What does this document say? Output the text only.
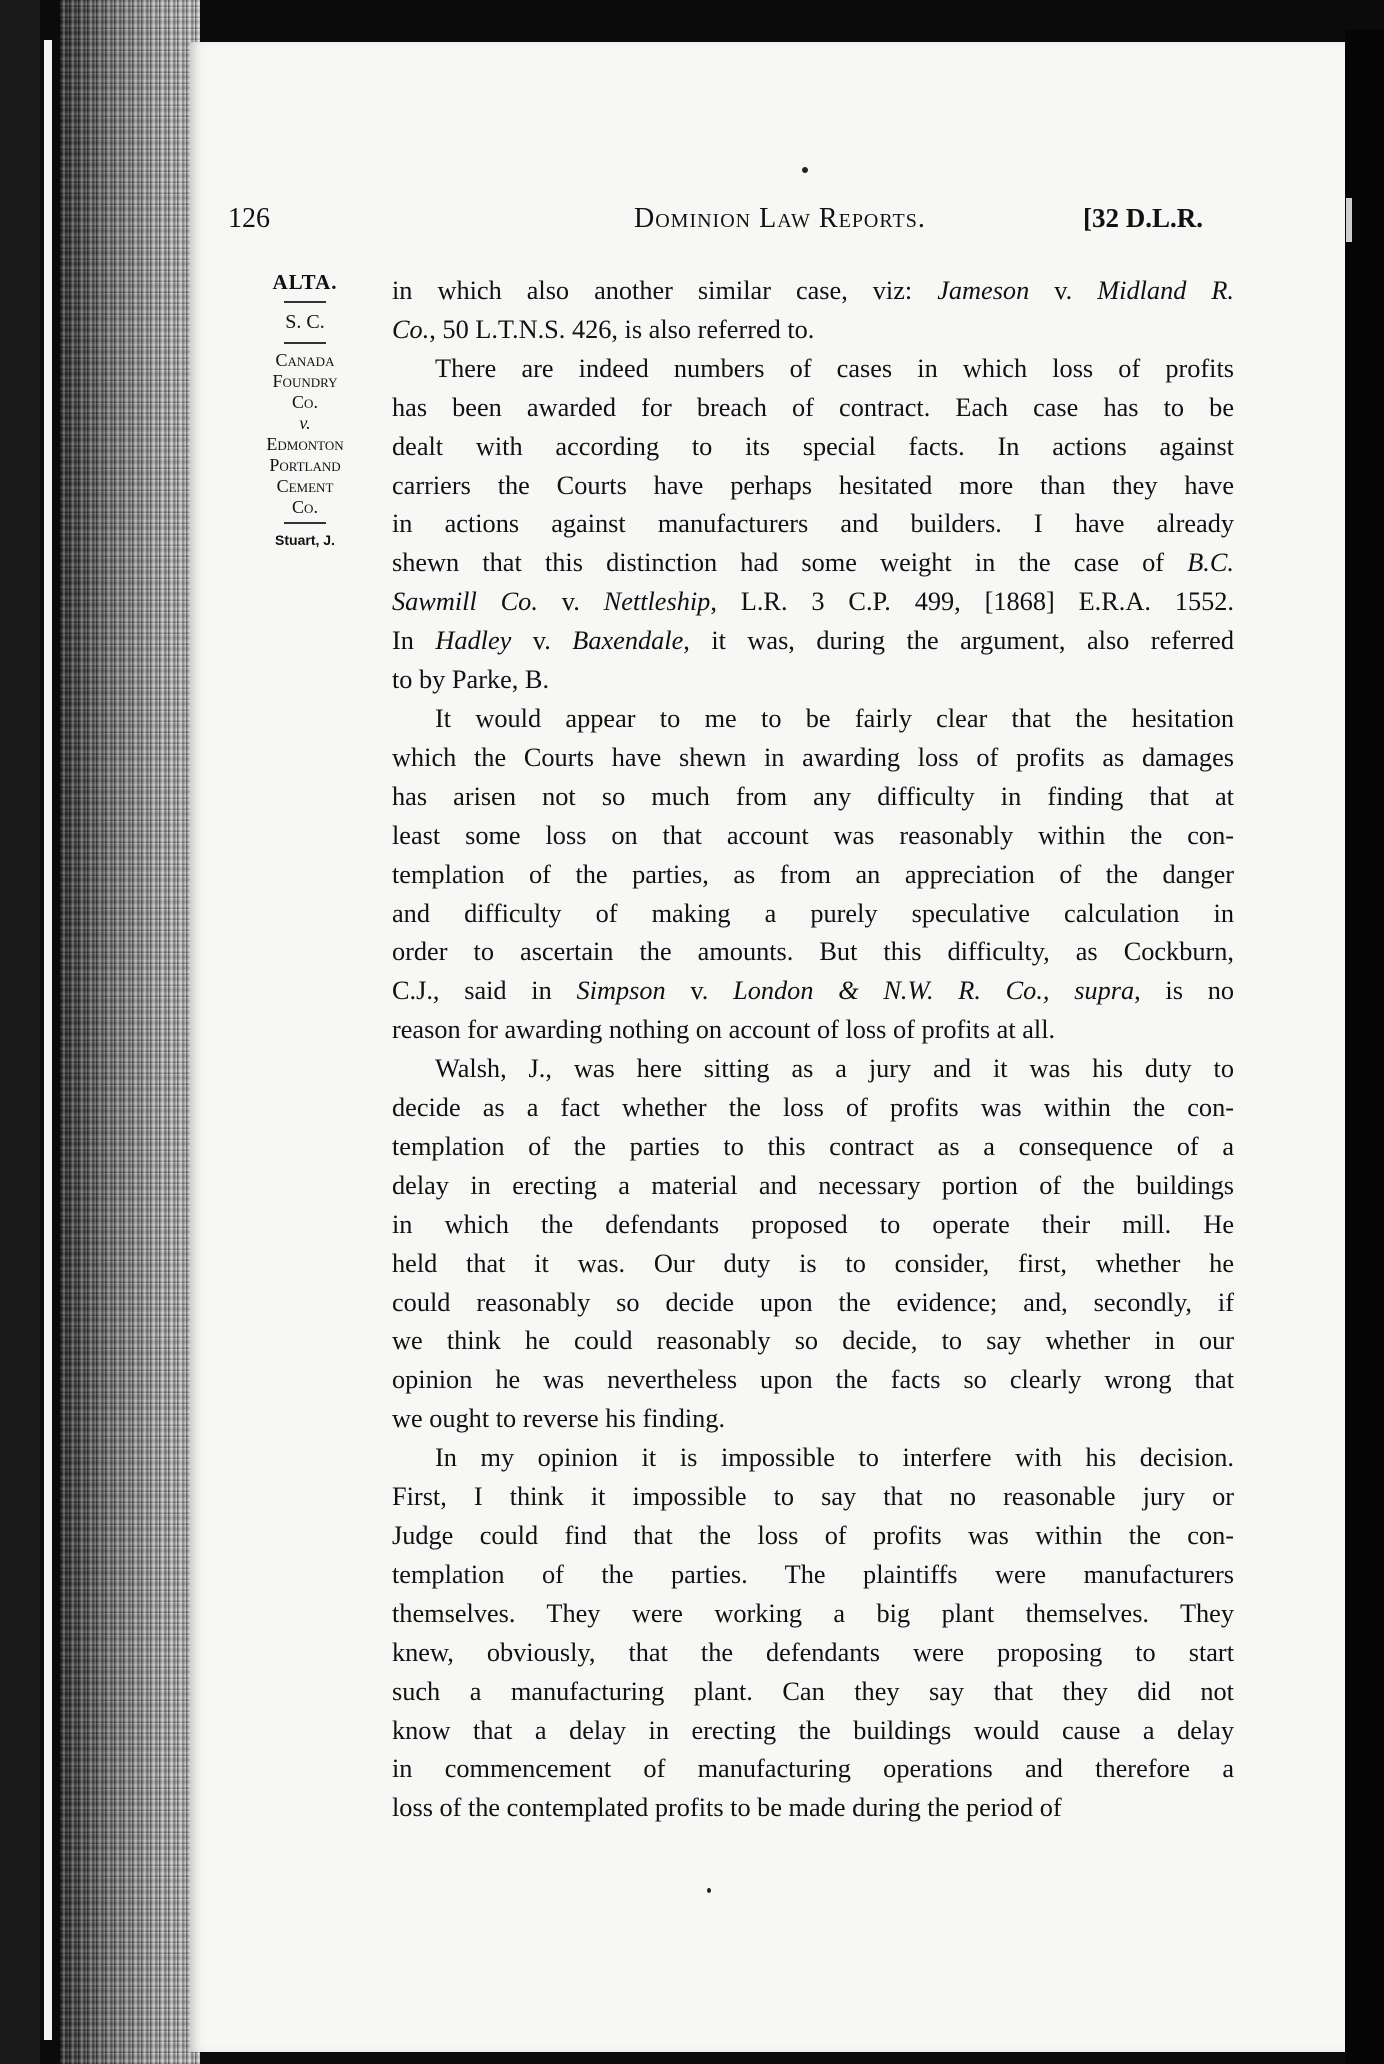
126	Dominion Law Reports.	[32 D.L.R.
ALTA.
S. C.
Canada
Foundry
Co.
v.
Edmonton
Portland
Cement
Co.
Stuart, J.
in which also another similar case, viz: Jameson v. Midland R.
Co., 50 L.T.N.S. 426, is also referred to.
There are indeed numbers of cases in which loss of profits
has been awarded for breach of contract. Each case has to be
dealt with according to its special facts. In actions against
carriers the Courts have perhaps hesitated more than they have
in actions against manufacturers and builders. I have already
shewn that this distinction had some weight in the case of B.C.
Sawmill Co. v. Nettleship, L.R. 3 C.P. 499, [1868] E.R.A. 1552.
In Hadley v. Baxendale, it was, during the argument, also referred
to by Parke, B.
It would appear to me to be fairly clear that the hesitation
which the Courts have shewn in awarding loss of profits as damages
has arisen not so much from any difficulty in finding that at
least some loss on that account was reasonably within the con-
templation of the parties, as from an appreciation of the danger
and difficulty of making a purely speculative calculation in
order to ascertain the amounts. But this difficulty, as Cockburn,
C.J., said in Simpson v. London & N.W. R. Co., supra, is no
reason for awarding nothing on account of loss of profits at all.
Walsh, J., was here sitting as a jury and it was his duty to
decide as a fact whether the loss of profits was within the con-
templation of the parties to this contract as a consequence of a
delay in erecting a material and necessary portion of the buildings
in which the defendants proposed to operate their mill. He
held that it was. Our duty is to consider, first, whether he
could reasonably so decide upon the evidence; and, secondly, if
we think he could reasonably so decide, to say whether in our
opinion he was nevertheless upon the facts so clearly wrong that
we ought to reverse his finding.
In my opinion it is impossible to interfere with his decision.
First, I think it impossible to say that no reasonable jury or
Judge could find that the loss of profits was within the con-
templation of the parties. The plaintiffs were manufacturers
themselves. They were working a big plant themselves. They
knew, obviously, that the defendants were proposing to start
such a manufacturing plant. Can they say that they did not
know that a delay in erecting the buildings would cause a delay
in commencement of manufacturing operations and therefore a
loss of the contemplated profits to be made during the period of
